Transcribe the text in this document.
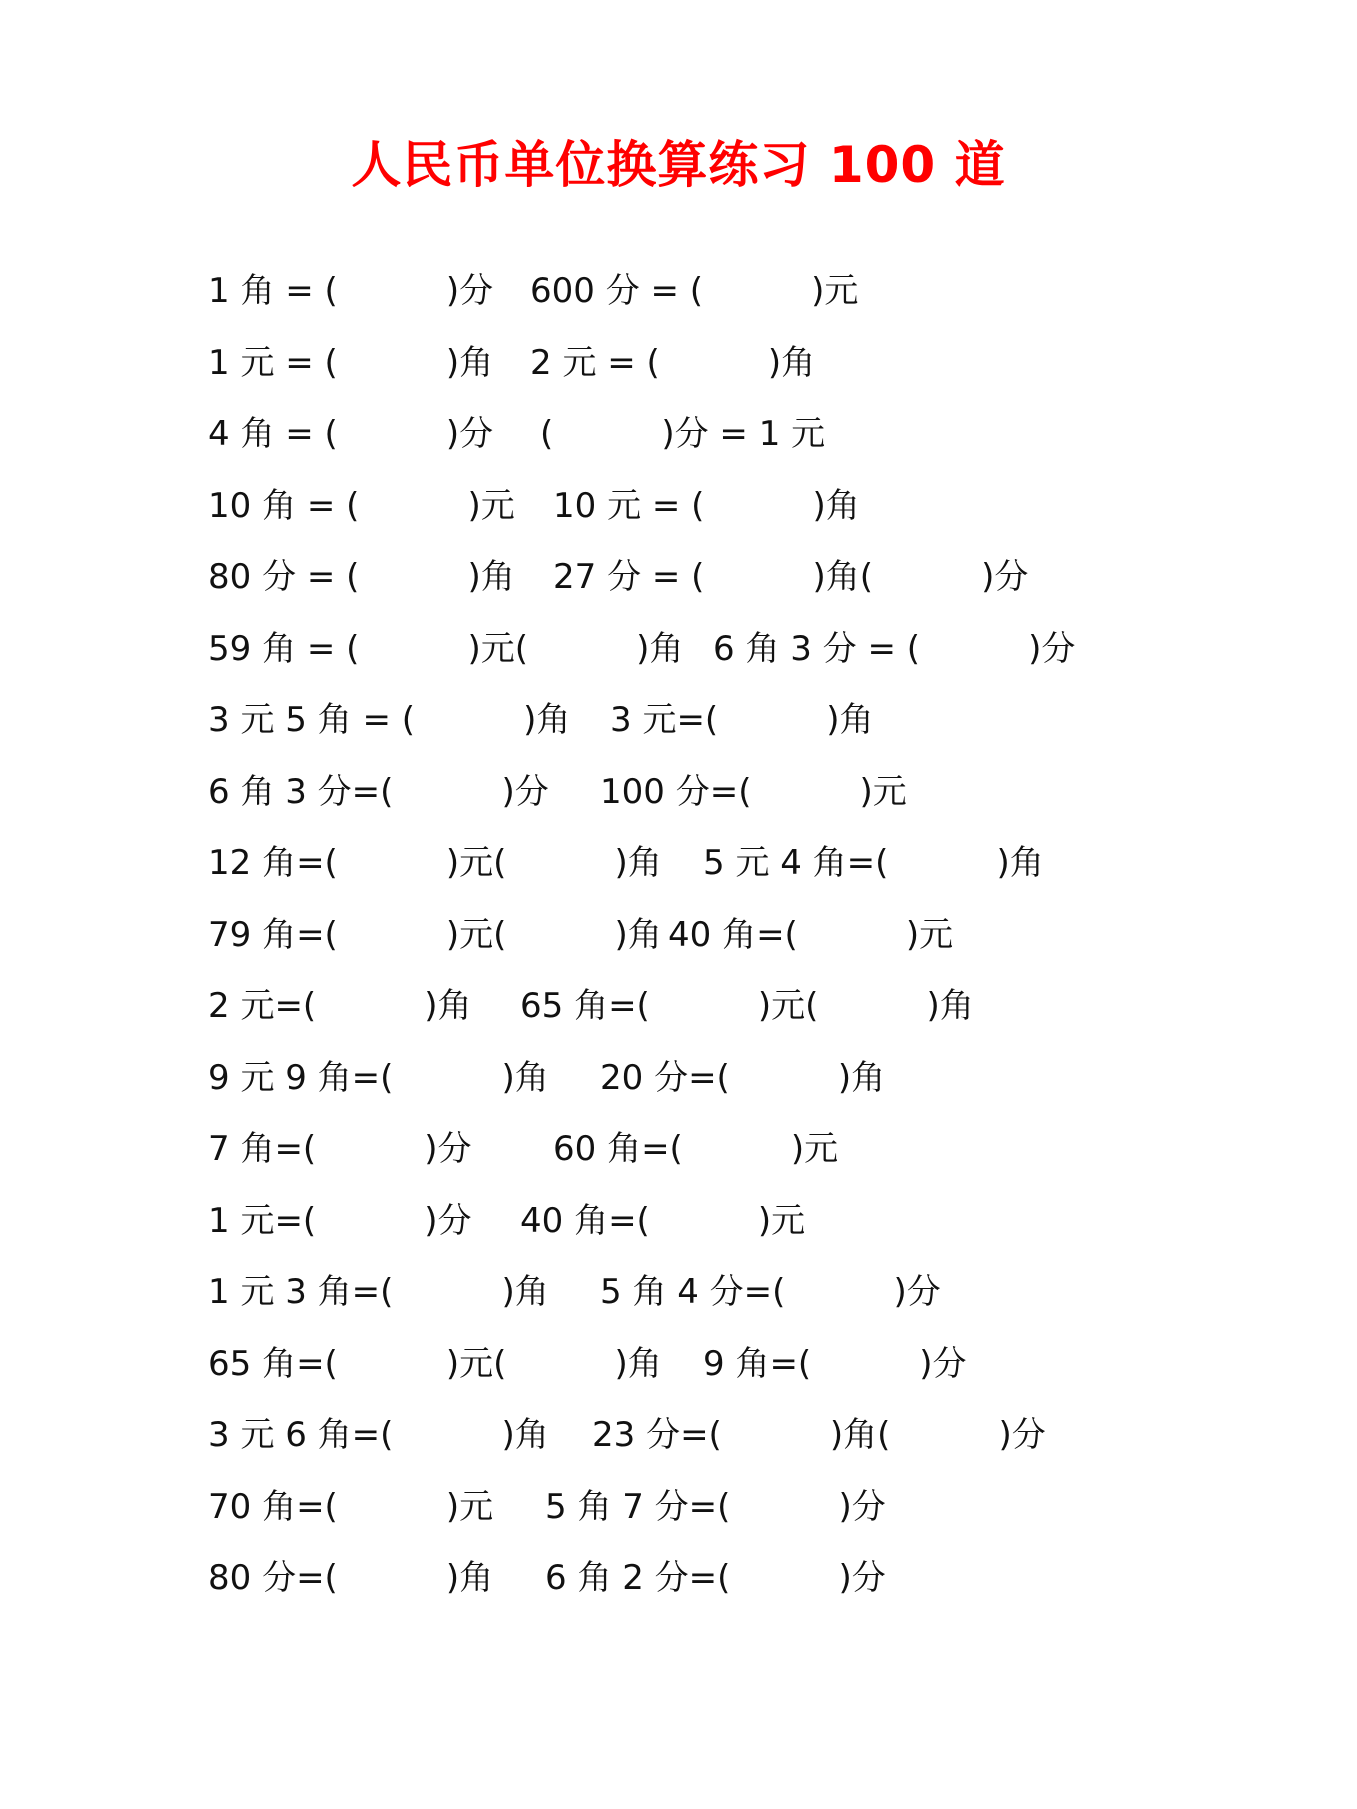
人民币单位换算练习 100 道
1 角 = (          )分 600 分 = (          )元
1 元 = (          )角 2 元 = (          )角
4 角 = (          )分 (          )分 = 1 元
10 角 = (          )元 10 元 = (          )角
80 分 = (          )角 27 分 = (          )角(          )分
59 角 = (          )元(          )角 6 角 3 分 = (          )分
3 元 5 角 = (          )角 3 元=(          )角
6 角 3 分=(          )分 100 分=(          )元
12 角=(          )元(          )角 5 元 4 角=(          )角
79 角=(          )元(          )角 40 角=(          )元
2 元=(          )角 65 角=(          )元(          )角
9 元 9 角=(          )角 20 分=(          )角
7 角=(          )分 60 角=(          )元
1 元=(          )分 40 角=(          )元
1 元 3 角=(          )角 5 角 4 分=(          )分
65 角=(          )元(          )角 9 角=(          )分
3 元 6 角=(          )角 23 分=(          )角(          )分
70 角=(          )元 5 角 7 分=(          )分
80 分=(          )角 6 角 2 分=(          )分
